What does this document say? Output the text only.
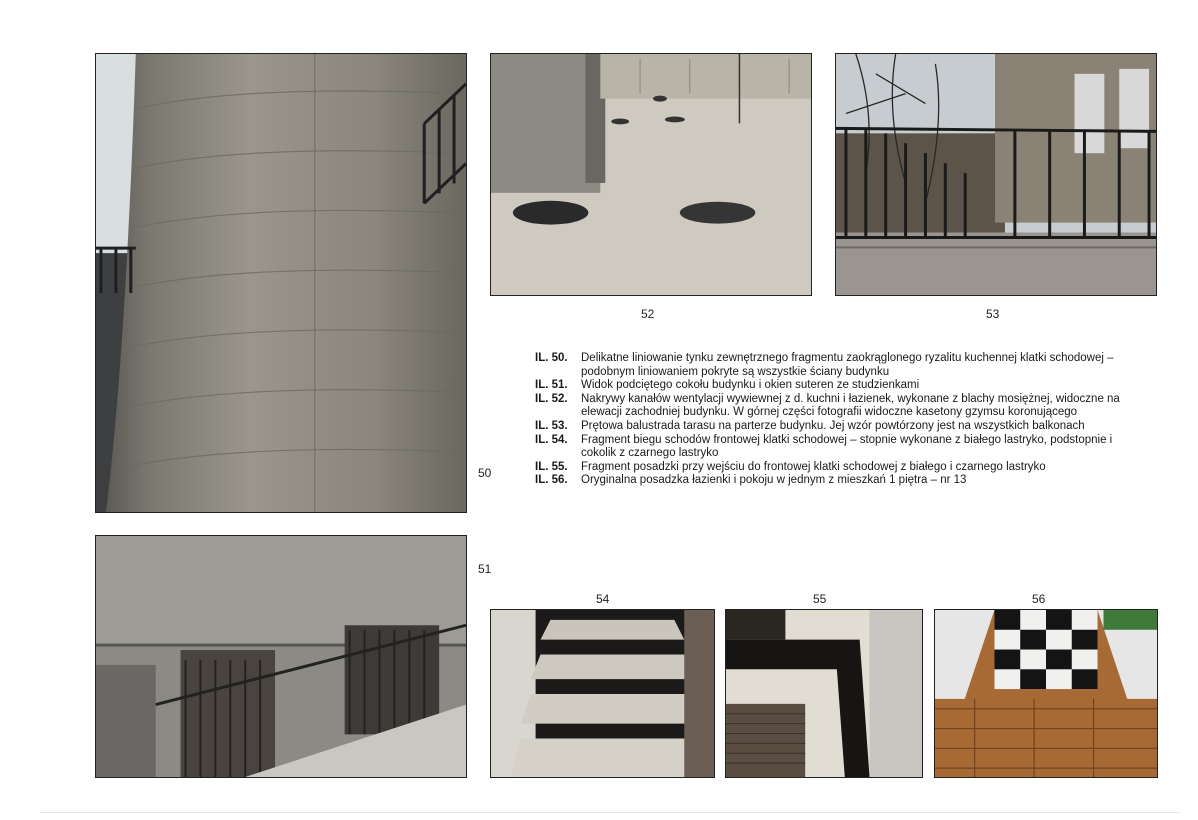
50
51
52	53
54	55	56
IL. 50.	Delikatne liniowanie tynku zewnętrznego fragmentu zaokrąglonego ryzalitu kuchennej klatki schodowej – podobnym liniowaniem pokryte są wszystkie ściany budynku
IL. 51.	Widok podciętego cokołu budynku i okien suteren ze studzienkami
IL. 52.	Nakrywy kanałów wentylacji wywiewnej z d. kuchni i łazienek, wykonane z blachy mosiężnej, widoczne na elewacji zachodniej budynku. W górnej części fotografii widoczne kasetony gzymsu koronującego
IL. 53.	Prętowa balustrada tarasu na parterze budynku. Jej wzór powtórzony jest na wszystkich balkonach
IL. 54.	Fragment biegu schodów frontowej klatki schodowej – stopnie wykonane z białego lastryko, podstopnie i cokolik z czarnego lastryko
IL. 55.	Fragment posadzki przy wejściu do frontowej klatki schodowej z białego i czarnego lastryko
IL. 56.	Oryginalna posadzka łazienki i pokoju w jednym z mieszkań 1 piętra – nr 13
